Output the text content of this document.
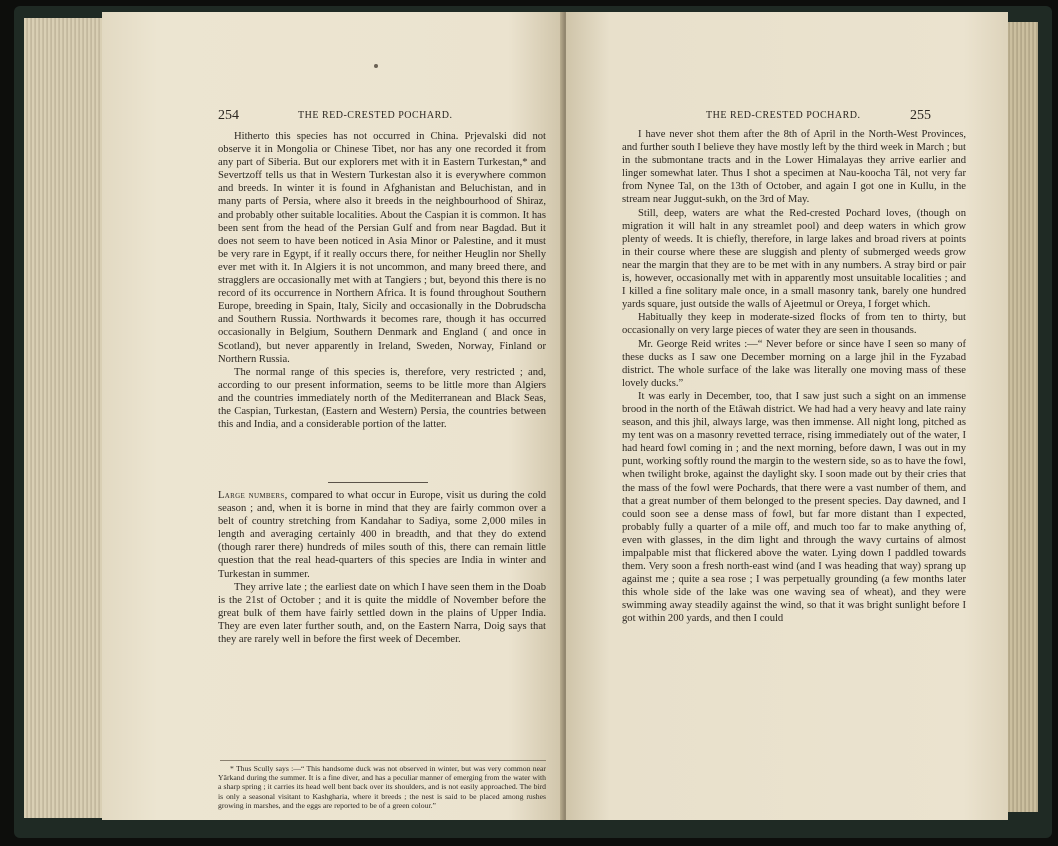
254	THE RED-CRESTED POCHARD.

Hitherto this species has not occurred in China. Prjevalski did not observe it in Mongolia or Chinese Tibet, nor has any one recorded it from any part of Siberia. But our explorers met with it in Eastern Turkestan,* and Severtzoff tells us that in Western Turkestan also it is everywhere common and breeds. In winter it is found in Afghanistan and Beluchistan, and in many parts of Persia, where also it breeds in the neighbourhood of Shiraz, and probably other suitable localities. About the Caspian it is common. It has been sent from the head of the Persian Gulf and from near Bagdad. But it does not seem to have been noticed in Asia Minor or Palestine, and it must be very rare in Egypt, if it really occurs there, for neither Heuglin nor Shelly ever met with it. In Algiers it is not uncommon, and many breed there, and stragglers are occasionally met with at Tangiers ; but, beyond this there is no record of its occurrence in Northern Africa. It is found throughout Southern Europe, breeding in Spain, Italy, Sicily and occasionally in the Dobrudscha and Southern Russia. Northwards it becomes rare, though it has occurred occasionally in Belgium, Southern Denmark and England ( and once in Scotland), but never apparently in Ireland, Sweden, Norway, Finland or Northern Russia.

The normal range of this species is, therefore, very restricted ; and, according to our present information, seems to be little more than Algiers and the countries immediately north of the Mediterranean and Black Seas, the Caspian, Turkestan, (Eastern and Western) Persia, the countries between this and India, and a considerable portion of the latter.

Large numbers, compared to what occur in Europe, visit us during the cold season ; and, when it is borne in mind that they are fairly common over a belt of country stretching from Kandahar to Sadiya, some 2,000 miles in length and averaging certainly 400 in breadth, and that they do extend (though rarer there) hundreds of miles south of this, there can remain little question that the real head-quarters of this species are India in winter and Turkestan in summer.

They arrive late ; the earliest date on which I have seen them in the Doab is the 21st of October ; and it is quite the middle of November before the great bulk of them have fairly settled down in the plains of Upper India. They are even later further south, and, on the Eastern Narra, Doig says that they are rarely well in before the first week of December.

* Thus Scully says :—“ This handsome duck was not observed in winter, but was very common near Yârkand during the summer. It is a fine diver, and has a peculiar manner of emerging from the water with a sharp spring ; it carries its head well bent back over its shoulders, and is not easily approached. The bird is only a seasonal visitant to Kashgharia, where it breeds ; the nest is said to be placed among rushes growing in marshes, and the eggs are reported to be of a green colour.”

THE RED-CRESTED POCHARD.	255

I have never shot them after the 8th of April in the North-West Provinces, and further south I believe they have mostly left by the third week in March ; but in the submontane tracts and in the Lower Himalayas they arrive earlier and linger somewhat later. Thus I shot a specimen at Nau-koocha Tâl, not very far from Nynee Tal, on the 13th of October, and again I got one in Kullu, in the stream near Juggut-sukh, on the 3rd of May.

Still, deep, waters are what the Red-crested Pochard loves, (though on migration it will halt in any streamlet pool) and deep waters in which grow plenty of weeds. It is chiefly, therefore, in large lakes and broad rivers at points in their course where these are sluggish and plenty of submerged weeds grow near the margin that they are to be met with in any numbers. A stray bird or pair is, however, occasionally met with in apparently most unsuitable localities ; and I killed a fine solitary male once, in a small masonry tank, barely one hundred yards square, just outside the walls of Ajeetmul or Oreya, I forget which.

Habitually they keep in moderate-sized flocks of from ten to thirty, but occasionally on very large pieces of water they are seen in thousands.

Mr. George Reid writes :—“ Never before or since have I seen so many of these ducks as I saw one December morning on a large jhil in the Fyzabad district. The whole surface of the lake was literally one moving mass of these lovely ducks.”

It was early in December, too, that I saw just such a sight on an immense brood in the north of the Etâwah district. We had had a very heavy and late rainy season, and this jhil, always large, was then immense. All night long, pitched as my tent was on a masonry revetted terrace, rising immediately out of the water, I had heard fowl coming in ; and the next morning, before dawn, I was out in my punt, working softly round the margin to the western side, so as to have the fowl, when twilight broke, against the daylight sky. I soon made out by their cries that the mass of the fowl were Pochards, that there were a vast number of them, and that a great number of them belonged to the present species. Day dawned, and I could soon see a dense mass of fowl, but far more distant than I expected, probably fully a quarter of a mile off, and much too far to make anything of, even with glasses, in the dim light and through the wavy curtains of almost impalpable mist that flickered above the water. Lying down I paddled towards them. Very soon a fresh north-east wind (and I was heading that way) sprang up against me ; quite a sea rose ; I was perpetually grounding (a few months later this whole side of the lake was one waving sea of wheat), and they were swimming away steadily against the wind, so that it was bright sunlight before I got within 200 yards, and then I could
